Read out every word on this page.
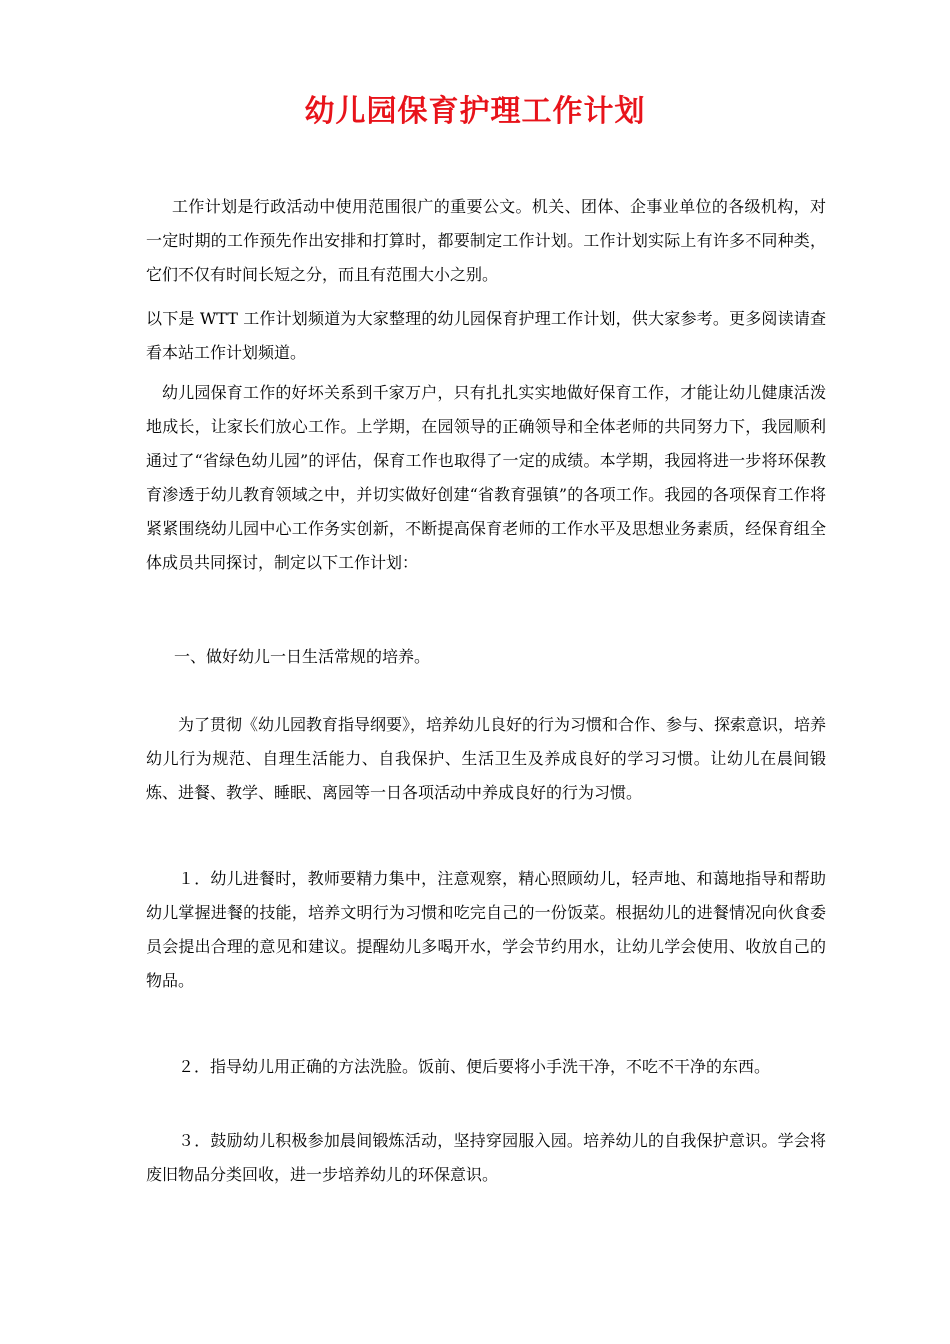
幼儿园保育护理工作计划
工作计划是行政活动中使用范围很广的重要公文。机关、团体、企事业单位的各级机构，对一定时期的工作预先作出安排和打算时，都要制定工作计划。工作计划实际上有许多不同种类，它们不仅有时间长短之分，而且有范围大小之别。
以下是 WTT 工作计划频道为大家整理的幼儿园保育护理工作计划，供大家参考。更多阅读请查看本站工作计划频道。
幼儿园保育工作的好坏关系到千家万户，只有扎扎实实地做好保育工作，才能让幼儿健康活泼地成长，让家长们放心工作。上学期，在园领导的正确领导和全体老师的共同努力下，我园顺利通过了“省绿色幼儿园”的评估，保育工作也取得了一定的成绩。本学期，我园将进一步将环保教育渗透于幼儿教育领域之中，并切实做好创建“省教育强镇”的各项工作。我园的各项保育工作将紧紧围绕幼儿园中心工作务实创新，不断提高保育老师的工作水平及思想业务素质，经保育组全体成员共同探讨，制定以下工作计划：
一、做好幼儿一日生活常规的培养。
为了贯彻《幼儿园教育指导纲要》，培养幼儿良好的行为习惯和合作、参与、探索意识，培养幼儿行为规范、自理生活能力、自我保护、生活卫生及养成良好的学习习惯。让幼儿在晨间锻炼、进餐、教学、睡眠、离园等一日各项活动中养成良好的行为习惯。
１．幼儿进餐时，教师要精力集中，注意观察，精心照顾幼儿，轻声地、和蔼地指导和帮助幼儿掌握进餐的技能，培养文明行为习惯和吃完自己的一份饭菜。根据幼儿的进餐情况向伙食委员会提出合理的意见和建议。提醒幼儿多喝开水，学会节约用水，让幼儿学会使用、收放自己的物品。
２．指导幼儿用正确的方法洗脸。饭前、便后要将小手洗干净，不吃不干净的东西。
３．鼓励幼儿积极参加晨间锻炼活动，坚持穿园服入园。培养幼儿的自我保护意识。学会将废旧物品分类回收，进一步培养幼儿的环保意识。
